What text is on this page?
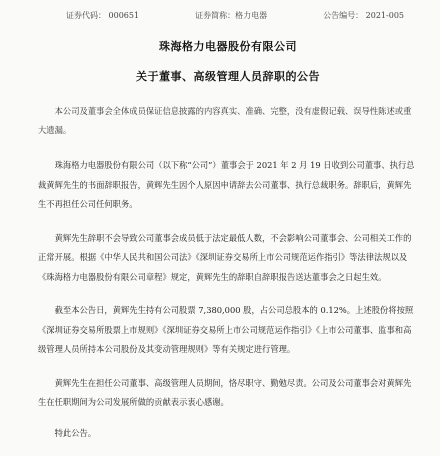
证券代码： 000651	证券简称：格力电器	公告编号： 2021-005
珠海格力电器股份有限公司
关于董事、高级管理人员辞职的公告
本公司及董事会全体成员保证信息披露的内容真实、准确、完整，没有虚假记载、误导性陈述或重大遗漏。

珠海格力电器股份有限公司（以下称“公司”）董事会于 2021 年 2 月 19 日收到公司董事、执行总裁黄辉先生的书面辞职报告，黄辉先生因个人原因申请辞去公司董事、执行总裁职务。辞职后，黄辉先生不再担任公司任何职务。

黄辉先生辞职不会导致公司董事会成员低于法定最低人数，不会影响公司董事会、公司相关工作的正常开展。根据《中华人民共和国公司法》《深圳证券交易所上市公司规范运作指引》等法律法规以及《珠海格力电器股份有限公司章程》规定，黄辉先生的辞职自辞职报告送达董事会之日起生效。

截至本公告日，黄辉先生持有公司股票 7,380,000 股，占公司总股本的 0.12%。上述股份将按照《深圳证券交易所股票上市规则》《深圳证券交易所上市公司规范运作指引》《上市公司董事、监事和高级管理人员所持本公司股份及其变动管理规则》等有关规定进行管理。

黄辉先生在担任公司董事、高级管理人员期间，恪尽职守、勤勉尽责。公司及公司董事会对黄辉先生在任职期间为公司发展所做的贡献表示衷心感谢。

特此公告。
